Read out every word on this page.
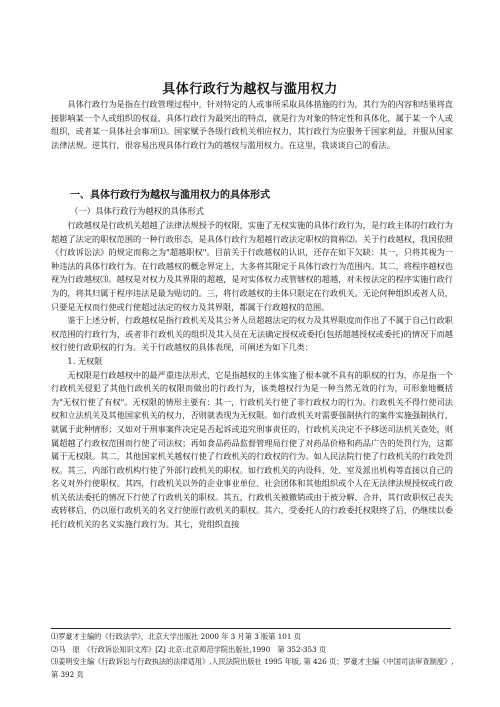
具体行政行为越权与滥用权力

具体行政行为是指在行政管理过程中，针对特定的人或事所采取具体措施的行为，其行为的内容和结果将直接影响某一个人或组织的权益，具体行政行为最突出的特点，就是行为对象的特定性和具体化，属于某一个人或组织，或者某一具体社会事项⑴。国家赋予各级行政机关相应权力，其行政行为应服务于国家利益，并服从国家法律法规。逆其行，很容易出现具体行政行为的越权与滥用权力。在这里，我谈谈自己的看法。

一、具体行政行为越权与滥用权力的具体形式
（一）具体行政行为越权的具体形式

行政越权是行政机关超越了法律法规授予的权限，实施了无权实施的具体行政行为，是行政主体的行政行为超越了法定的职权范围的一种行政形态，是具体行政行为超越行政法定职权的简称⑵。关于行政越权，我国依照《行政诉讼法》的规定而称之为"超越职权"。目前关于行政越权的认识，还存在如下欠缺：其一，只将其视为一种违法的具体行政行为。在行政越权的概念界定上，大多将其限定于具体行政行为范围内。其二，将程序越权也视为行政越权⑶。越权是对权力及其界限的超越，是对实体权力或管辖权的超越，对未按法定的程序实施行政行为的，将其归属于程序违法是最为贴切的。三，将行政越权的主体只限定在行政机关。无论何种组织或者人员，只要是无权而行使或行使超过法定的权力及其界限，都属于行政越权的范围。

鉴于上述分析，行政越权是指行政机关及其公务人员超越法定的权力及其界限度而作出了不属于自己行政职权范围的行政行为，或者非行政机关的组织及其人员在无法确定授权或委托(包括超越授权或委托)的情况下而越权行使行政职权的行为。关于行政越权的具体表现，可阐述为如下几类：

1. 无权限

无权限是行政越权中的最严重违法形式，它是指越权的主体实施了根本就不具有的职权的行为，亦是指一个行政机关侵犯了其他行政机关的权限而做出的行政行为，该类越权行为是一种当然无效的行为，可形象地概括为"无权行使了有权"。无权限的情形主要有：其一，行政机关行使了非行政权力的行为。行政机关不得行使司法权和立法机关及其他国家机关的权力，否则就表现为无权限。如行政机关对需要强制执行的案件实施强制执行，就属于此种情形；又如对于刑事案件决定是否起诉或追究刑事责任的，行政机关决定不予移送司法机关查处，则属超越了行政权范围而行使了司法权；再如食品药品监督管理局行使了对药品价格和药品广告的处罚行为，这都属于无权限。其二，其他国家机关越权行使了行政机关的行政权的行为。如人民法院行使了行政机关的行政处罚权。其三，内部行政机构行使了外部行政机关的职权。如行政机关的内设科、处、室及派出机构等直接以自己的名义对外行使职权。其四，行政机关以外的企业事业单位、社会团体和其他组织或个人在无法律法规授权或行政机关依法委托的情况下行使了行政机关的职权。其五，行政机关被撤销或由于被分解、合并，其行政职权已丧失或转移后，仍以原行政机关的名义行使原行政机关的职权。其六，受委托人的行政委托权限终了后，仍继续以委托行政机关的名义实施行政行为。其七，党组织直接

⑴罗豪才主编的《行政法学》，北京大学出版社 2000 年 3 月第 3 版第 101 页
⑵马　原　《行政诉讼知识文库》[Z] 北京:北京师范学院出版社,1990　第 352-353 页
⑶姜明安主编《行政诉讼与行政执法的法律适用》,人民法院出版社 1995 年版, 第 426 页；罗豪才主编《中国司法审查制度》, 第 392 页
